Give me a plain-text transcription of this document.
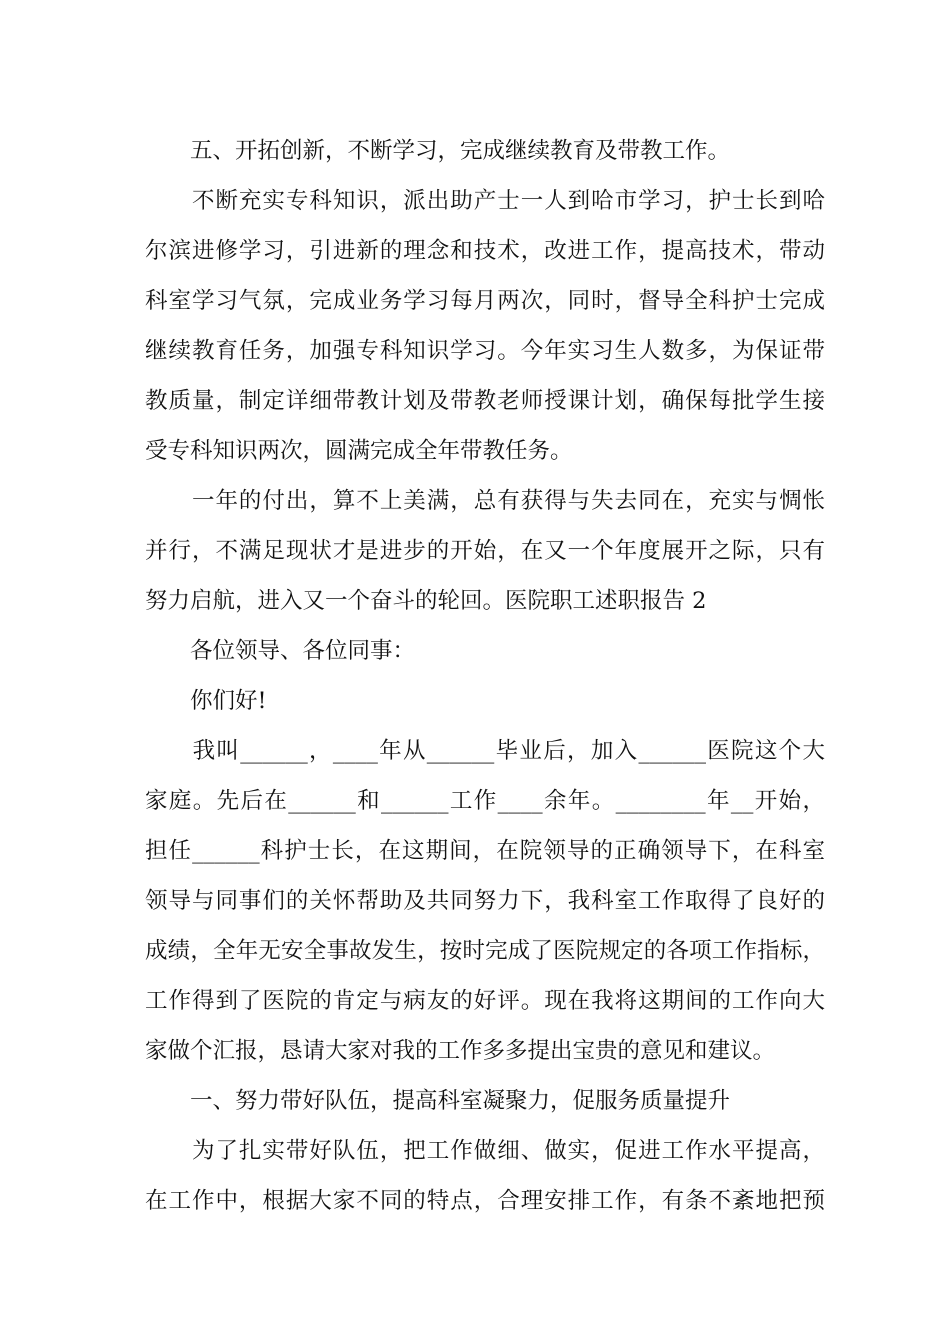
　　五、开拓创新，不断学习，完成继续教育及带教工作。

　　不断充实专科知识，派出助产士一人到哈市学习，护士长到哈

尔滨进修学习，引进新的理念和技术，改进工作，提高技术，带动

科室学习气氛，完成业务学习每月两次，同时，督导全科护士完成

继续教育任务，加强专科知识学习。今年实习生人数多，为保证带

教质量，制定详细带教计划及带教老师授课计划，确保每批学生接

受专科知识两次，圆满完成全年带教任务。

　　一年的付出，算不上美满，总有获得与失去同在，充实与惆怅

并行，不满足现状才是进步的开始，在又一个年度展开之际，只有

努力启航，进入又一个奋斗的轮回。医院职工述职报告 2

　　各位领导、各位同事：

　　你们好!

　　我叫______，____年从______毕业后，加入______医院这个大

家庭。先后在______和______工作____余年。________年__开始，

担任______科护士长，在这期间，在院领导的正确领导下，在科室

领导与同事们的关怀帮助及共同努力下，我科室工作取得了良好的

成绩，全年无安全事故发生，按时完成了医院规定的各项工作指标，

工作得到了医院的肯定与病友的好评。现在我将这期间的工作向大

家做个汇报，恳请大家对我的工作多多提出宝贵的意见和建议。

　　一、努力带好队伍，提高科室凝聚力，促服务质量提升

　　为了扎实带好队伍，把工作做细、做实，促进工作水平提高，

在工作中，根据大家不同的特点，合理安排工作，有条不紊地把预
